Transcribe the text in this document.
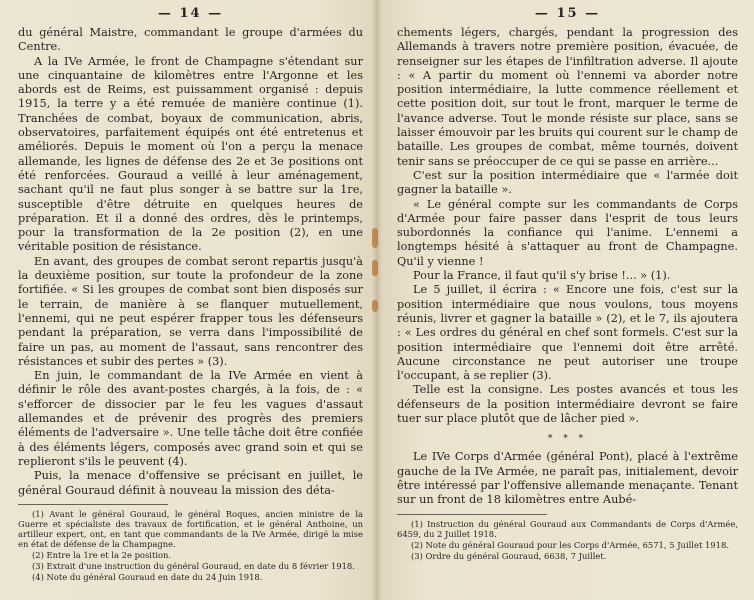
— 14 —

du général Maistre, commandant le groupe d'armées du Centre.

A la IVe Armée, le front de Champagne s'étendant sur une cinquantaine de kilomètres entre l'Argonne et les abords est de Reims, est puissamment organisé : depuis 1915, la terre y a été remuée de manière continue (1). Tranchées de combat, boyaux de communication, abris, observatoires, parfaitement équipés ont été entretenus et améliorés. Depuis le moment où l'on a perçu la menace allemande, les lignes de défense des 2e et 3e positions ont été renforcées. Gouraud a veillé à leur aménagement, sachant qu'il ne faut plus songer à se battre sur la 1re, susceptible d'être détruite en quelques heures de préparation. Et il a donné des ordres, dès le printemps, pour la transformation de la 2e position (2), en une véritable position de résistance.

En avant, des groupes de combat seront repartis jusqu'à la deuxième position, sur toute la profondeur de la zone fortifiée. « Si les groupes de combat sont bien disposés sur le terrain, de manière à se flanquer mutuellement, l'ennemi, qui ne peut espérer frapper tous les défenseurs pendant la préparation, se verra dans l'impossibilité de faire un pas, au moment de l'assaut, sans rencontrer des résistances et subir des pertes » (3).

En juin, le commandant de la IVe Armée en vient à définir le rôle des avant-postes chargés, à la fois, de : « s'efforcer de dissocier par le feu les vagues d'assaut allemandes et de prévenir des progrès des premiers éléments de l'adversaire ». Une telle tâche doit être confiée à des éléments légers, composés avec grand soin et qui se replieront s'ils le peuvent (4).

Puis, la menace d'offensive se précisant en juillet, le général Gouraud définit à nouveau la mission des déta-

(1) Avant le général Gouraud, le général Roques, ancien ministre de la Guerre et spécialiste des travaux de fortification, et le général Anthoine, un artilleur expert, ont, en tant que commandants de la IVe Armée, dirigé la mise en état de défense de la Champagne.

(2) Entre la 1re et la 2e position.

(3) Extrait d'une instruction du général Gouraud, en date du 8 février 1918.

(4) Note du général Gouraud en date du 24 Juin 1918.

— 15 —

chements légers, chargés, pendant la progression des Allemands à travers notre première position, évacuée, de renseigner sur les étapes de l'infiltration adverse. Il ajoute : « A partir du moment où l'ennemi va aborder notre position intermédiaire, la lutte commence réellement et cette position doit, sur tout le front, marquer le terme de l'avance adverse. Tout le monde résiste sur place, sans se laisser émouvoir par les bruits qui courent sur le champ de bataille. Les groupes de combat, même tournés, doivent tenir sans se préoccuper de ce qui se passe en arrière...

C'est sur la position intermédiaire que « l'armée doit gagner la bataille ».

« Le général compte sur les commandants de Corps d'Armée pour faire passer dans l'esprit de tous leurs subordonnés la confiance qui l'anime. L'ennemi a longtemps hésité à s'attaquer au front de Champagne. Qu'il y vienne !

Pour la France, il faut qu'il s'y brise !... » (1).

Le 5 juillet, il écrira : « Encore une fois, c'est sur la position intermédiaire que nous voulons, tous moyens réunis, livrer et gagner la bataille » (2), et le 7, ils ajoutera : « Les ordres du général en chef sont formels. C'est sur la position intermédiaire que l'ennemi doit être arrêté. Aucune circonstance ne peut autoriser une troupe l'occupant, à se replier (3).

Telle est la consigne. Les postes avancés et tous les défenseurs de la position intermédiaire devront se faire tuer sur place plutôt que de lâcher pied ».

* * *

Le IVe Corps d'Armée (général Pont), placé à l'extrême gauche de la IVe Armée, ne paraît pas, initialement, devoir être intéressé par l'offensive allemande menaçante. Tenant sur un front de 18 kilomètres entre Aubé-

(1) Instruction du général Gouraud aux Commandants de Corps d'Armée, 6459, du 2 Juillet 1918.

(2) Note du général Gouraud pour les Corps d'Armée, 6571, 5 Juillet 1918.

(3) Ordre du général Gouraud, 6638, 7 Juillet.
